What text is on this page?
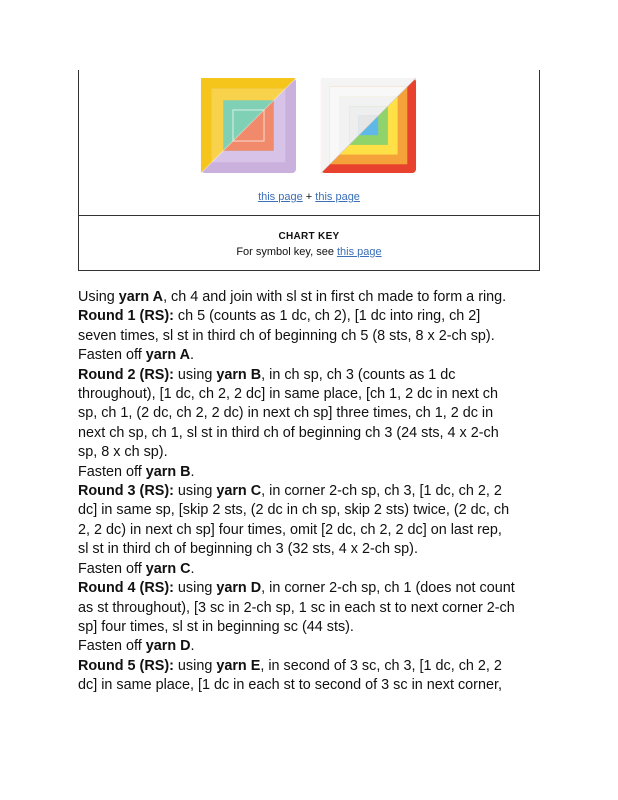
this page + this page
CHART KEY
For symbol key, see this page
Using yarn A, ch 4 and join with sl st in first ch made to form a ring.
Round 1 (RS): ch 5 (counts as 1 dc, ch 2), [1 dc into ring, ch 2]
seven times, sl st in third ch of beginning ch 5 (8 sts, 8 x 2-ch sp).
Fasten off yarn A.
Round 2 (RS): using yarn B, in ch sp, ch 3 (counts as 1 dc
throughout), [1 dc, ch 2, 2 dc] in same place, [ch 1, 2 dc in next ch
sp, ch 1, (2 dc, ch 2, 2 dc) in next ch sp] three times, ch 1, 2 dc in
next ch sp, ch 1, sl st in third ch of beginning ch 3 (24 sts, 4 x 2-ch
sp, 8 x ch sp).
Fasten off yarn B.
Round 3 (RS): using yarn C, in corner 2-ch sp, ch 3, [1 dc, ch 2, 2
dc] in same sp, [skip 2 sts, (2 dc in ch sp, skip 2 sts) twice, (2 dc, ch
2, 2 dc) in next ch sp] four times, omit [2 dc, ch 2, 2 dc] on last rep,
sl st in third ch of beginning ch 3 (32 sts, 4 x 2-ch sp).
Fasten off yarn C.
Round 4 (RS): using yarn D, in corner 2-ch sp, ch 1 (does not count
as st throughout), [3 sc in 2-ch sp, 1 sc in each st to next corner 2-ch
sp] four times, sl st in beginning sc (44 sts).
Fasten off yarn D.
Round 5 (RS): using yarn E, in second of 3 sc, ch 3, [1 dc, ch 2, 2
dc] in same place, [1 dc in each st to second of 3 sc in next corner,
